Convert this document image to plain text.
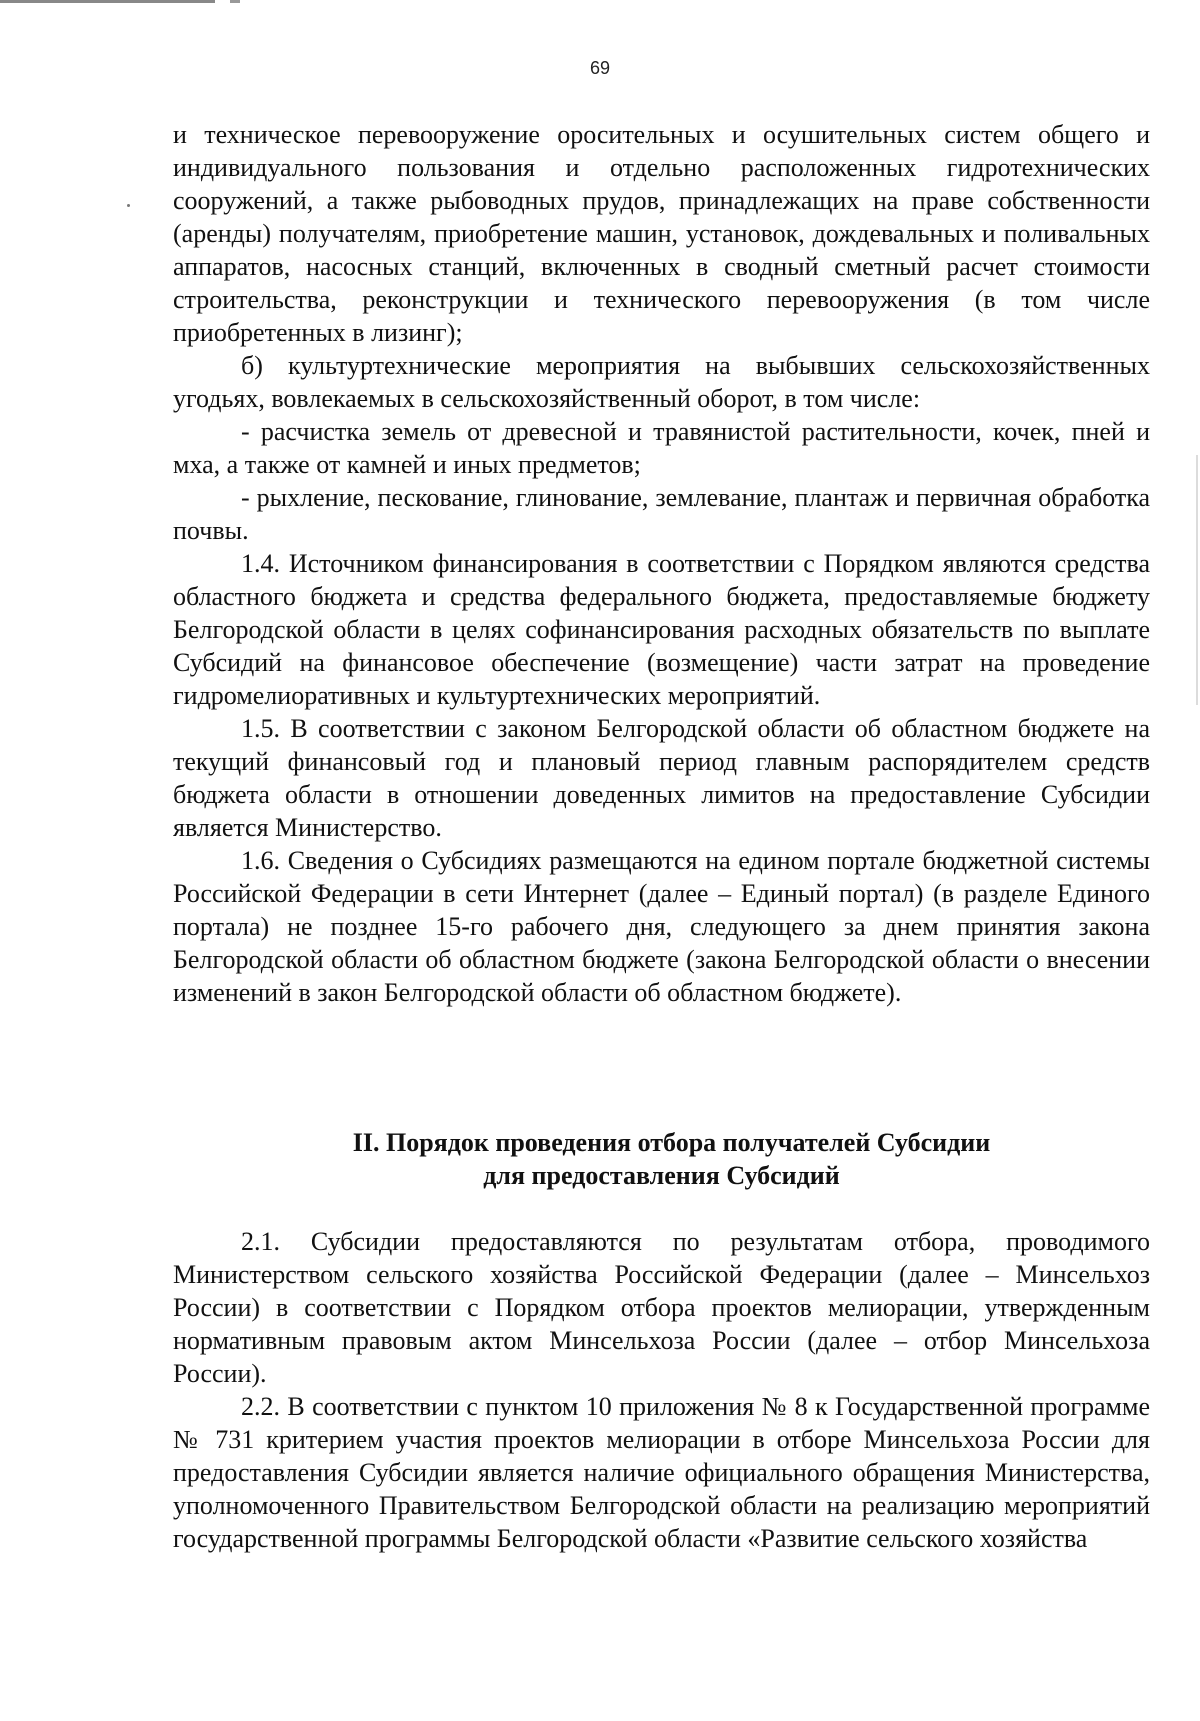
69

и техническое перевооружение оросительных и осушительных систем общего и индивидуального пользования и отдельно расположенных гидротехнических сооружений, а также рыбоводных прудов, принадлежащих на праве собственности (аренды) получателям, приобретение машин, установок, дождевальных и поливальных аппаратов, насосных станций, включенных в сводный сметный расчет стоимости строительства, реконструкции и технического перевооружения (в том числе приобретенных в лизинг);

б) культуртехнические мероприятия на выбывших сельскохозяйственных угодьях, вовлекаемых в сельскохозяйственный оборот, в том числе:

- расчистка земель от древесной и травянистой растительности, кочек, пней и мха, а также от камней и иных предметов;

- рыхление, пескование, глинование, землевание, плантаж и первичная обработка почвы.

1.4. Источником финансирования в соответствии с Порядком являются средства областного бюджета и средства федерального бюджета, предоставляемые бюджету Белгородской области в целях софинансирования расходных обязательств по выплате Субсидий на финансовое обеспечение (возмещение) части затрат на проведение гидромелиоративных и культуртехнических мероприятий.

1.5. В соответствии с законом Белгородской области об областном бюджете на текущий финансовый год и плановый период главным распорядителем средств бюджета области в отношении доведенных лимитов на предоставление Субсидии является Министерство.

1.6. Сведения о Субсидиях размещаются на едином портале бюджетной системы Российской Федерации в сети Интернет (далее – Единый портал) (в разделе Единого портала) не позднее 15-го рабочего дня, следующего за днем принятия закона Белгородской области об областном бюджете (закона Белгородской области о внесении изменений в закон Белгородской области об областном бюджете).

II. Порядок проведения отбора получателей Субсидии
для предоставления Субсидий

2.1. Субсидии предоставляются по результатам отбора, проводимого Министерством сельского хозяйства Российской Федерации (далее – Минсельхоз России) в соответствии с Порядком отбора проектов мелиорации, утвержденным нормативным правовым актом Минсельхоза России (далее – отбор Минсельхоза России).

2.2. В соответствии с пунктом 10 приложения № 8 к Государственной программе № 731 критерием участия проектов мелиорации в отборе Минсельхоза России для предоставления Субсидии является наличие официального обращения Министерства, уполномоченного Правительством Белгородской области на реализацию мероприятий государственной программы Белгородской области «Развитие сельского хозяйства
